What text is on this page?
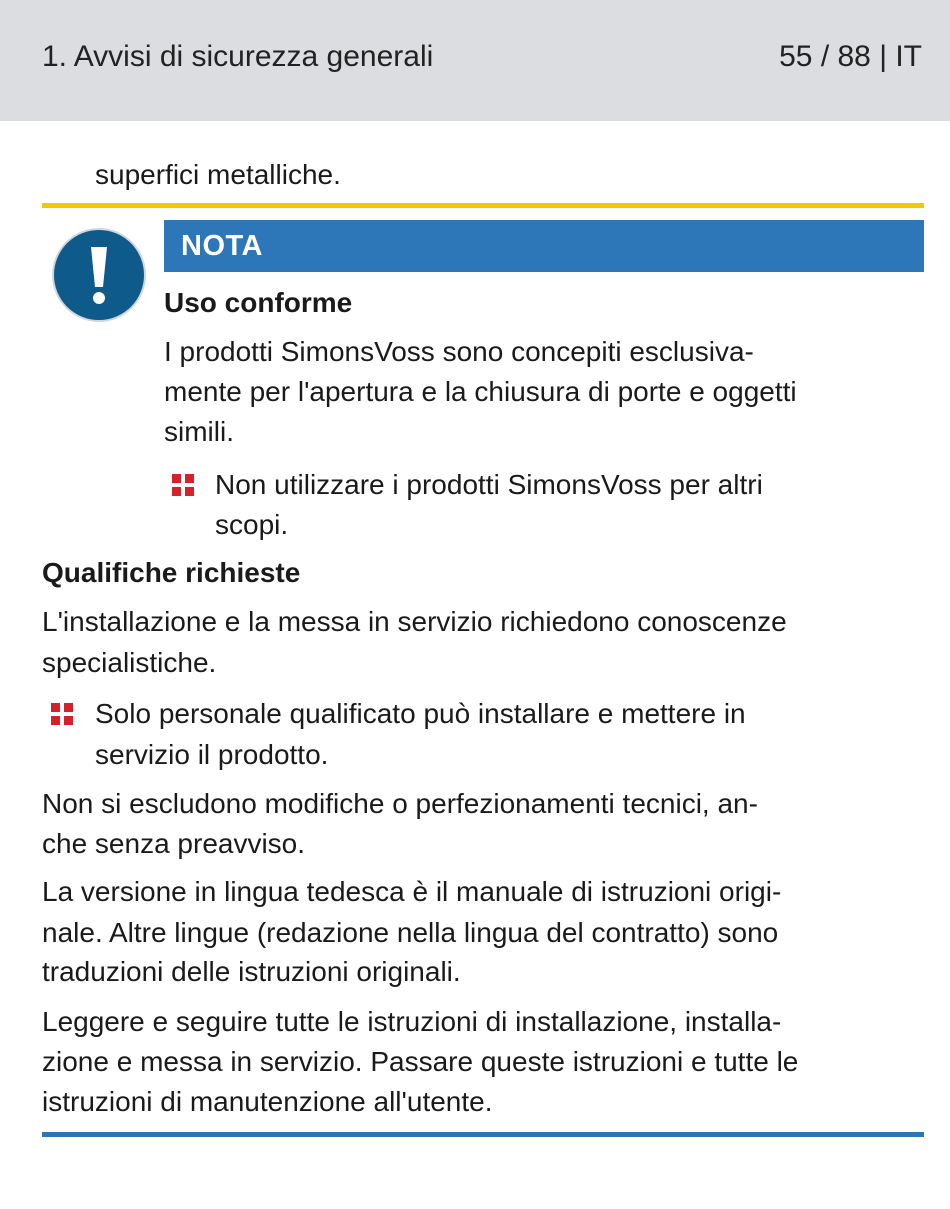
1. Avvisi di sicurezza generali	55 / 88 | IT
superfici metalliche.
NOTA
Uso conforme
I prodotti SimonsVoss sono concepiti esclusiva-
mente per l'apertura e la chiusura di porte e oggetti
simili.
Non utilizzare i prodotti SimonsVoss per altri
scopi.
Qualifiche richieste
L'installazione e la messa in servizio richiedono conoscenze
specialistiche.
Solo personale qualificato può installare e mettere in
servizio il prodotto.
Non si escludono modifiche o perfezionamenti tecnici, an-
che senza preavviso.
La versione in lingua tedesca è il manuale di istruzioni origi-
nale. Altre lingue (redazione nella lingua del contratto) sono
traduzioni delle istruzioni originali.
Leggere e seguire tutte le istruzioni di installazione, installa-
zione e messa in servizio. Passare queste istruzioni e tutte le
istruzioni di manutenzione all'utente.
